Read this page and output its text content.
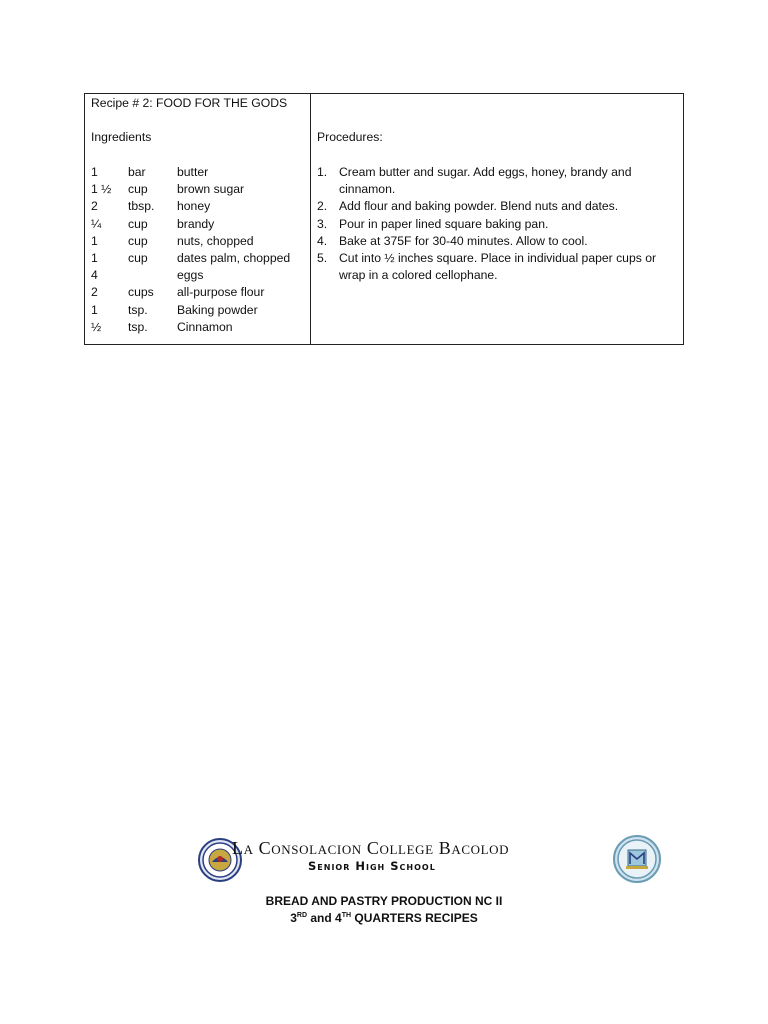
Recipe # 2: FOOD FOR THE GODS
Ingredients
1 bar	butter
1 ½ cup brown sugar
2 tbsp. honey
¼ cup brandy
1 cup nuts, chopped
1 cup dates palm, chopped
4	eggs
2 cups all-purpose flour
1 tsp. Baking powder
½ tsp. Cinnamon
Procedures:
1. Cream butter and sugar. Add eggs, honey, brandy and cinnamon.
2. Add flour and baking powder. Blend nuts and dates.
3. Pour in paper lined square baking pan.
4. Bake at 375F for 30-40 minutes. Allow to cool.
5. Cut into ½ inches square. Place in individual paper cups or wrap in a colored cellophane.
La Consolacion College Bacolod
Senior High School
BREAD AND PASTRY PRODUCTION NC II
3RD and 4TH QUARTERS RECIPES
